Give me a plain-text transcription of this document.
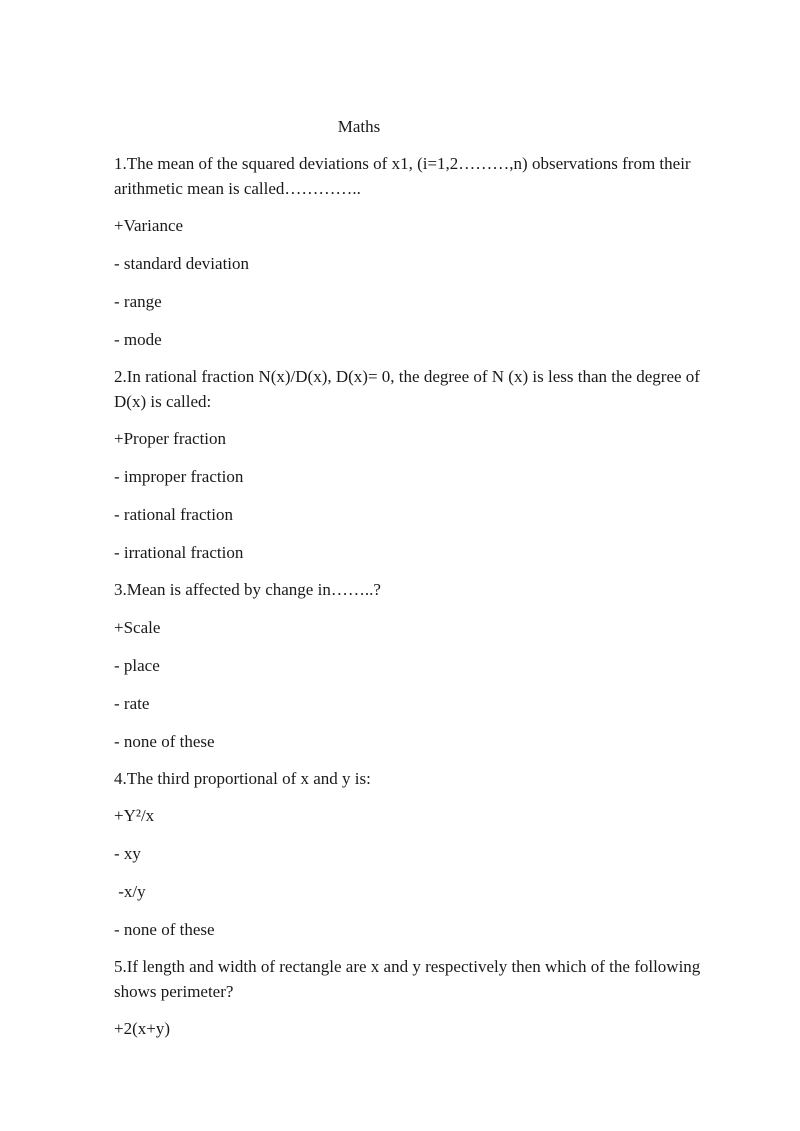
Maths
1.The mean of the squared deviations of x1, (i=1,2………,n) observations from their arithmetic mean is called…………..
+Variance
- standard deviation
- range
- mode
2.In rational fraction N(x)/D(x), D(x)= 0, the degree of N (x) is less than the degree of D(x) is called:
+Proper fraction
- improper fraction
- rational fraction
- irrational fraction
3.Mean is affected by change in……..?
+Scale
- place
- rate
- none of these
4.The third proportional of x and y is:
+Y²/x
- xy
-x/y
- none of these
5.If length and width of rectangle are x and y respectively then which of the following shows perimeter?
+2(x+y)
